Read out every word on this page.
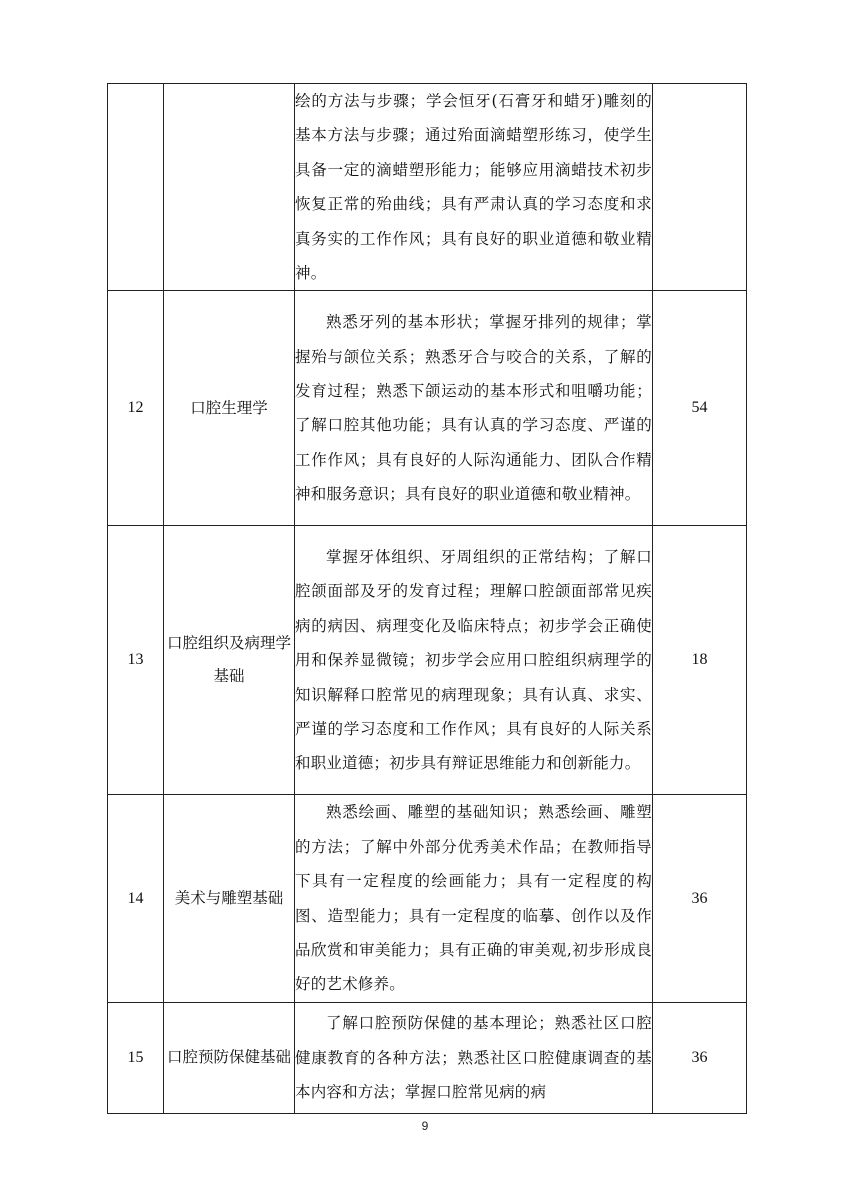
		绘的方法与步骤；学会恒牙(石膏牙和蜡牙)雕刻的基本方法与步骤；通过殆面滴蜡塑形练习，使学生具备一定的滴蜡塑形能力；能够应用滴蜡技术初步恢复正常的殆曲线；具有严肃认真的学习态度和求真务实的工作作风；具有良好的职业道德和敬业精神。	

12	口腔生理学	熟悉牙列的基本形状；掌握牙排列的规律；掌握殆与颌位关系；熟悉牙合与咬合的关系，了解的发育过程；熟悉下颌运动的基本形式和咀嚼功能；了解口腔其他功能；具有认真的学习态度、严谨的工作作风；具有良好的人际沟通能力、团队合作精神和服务意识；具有良好的职业道德和敬业精神。	54
13	口腔组织及病理学基础	掌握牙体组织、牙周组织的正常结构；了解口腔颌面部及牙的发育过程；理解口腔颌面部常见疾病的病因、病理变化及临床特点；初步学会正确使用和保养显微镜；初步学会应用口腔组织病理学的知识解释口腔常见的病理现象；具有认真、求实、严谨的学习态度和工作作风；具有良好的人际关系和职业道德；初步具有辩证思维能力和创新能力。	18
14	美术与雕塑基础	熟悉绘画、雕塑的基础知识；熟悉绘画、雕塑的方法；了解中外部分优秀美术作品；在教师指导下具有一定程度的绘画能力；具有一定程度的构图、造型能力；具有一定程度的临摹、创作以及作品欣赏和审美能力；具有正确的审美观,初步形成良好的艺术修养。	36
15	口腔预防保健基础	了解口腔预防保健的基本理论；熟悉社区口腔健康教育的各种方法；熟悉社区口腔健康调查的基本内容和方法；掌握口腔常见病的病	36
9
